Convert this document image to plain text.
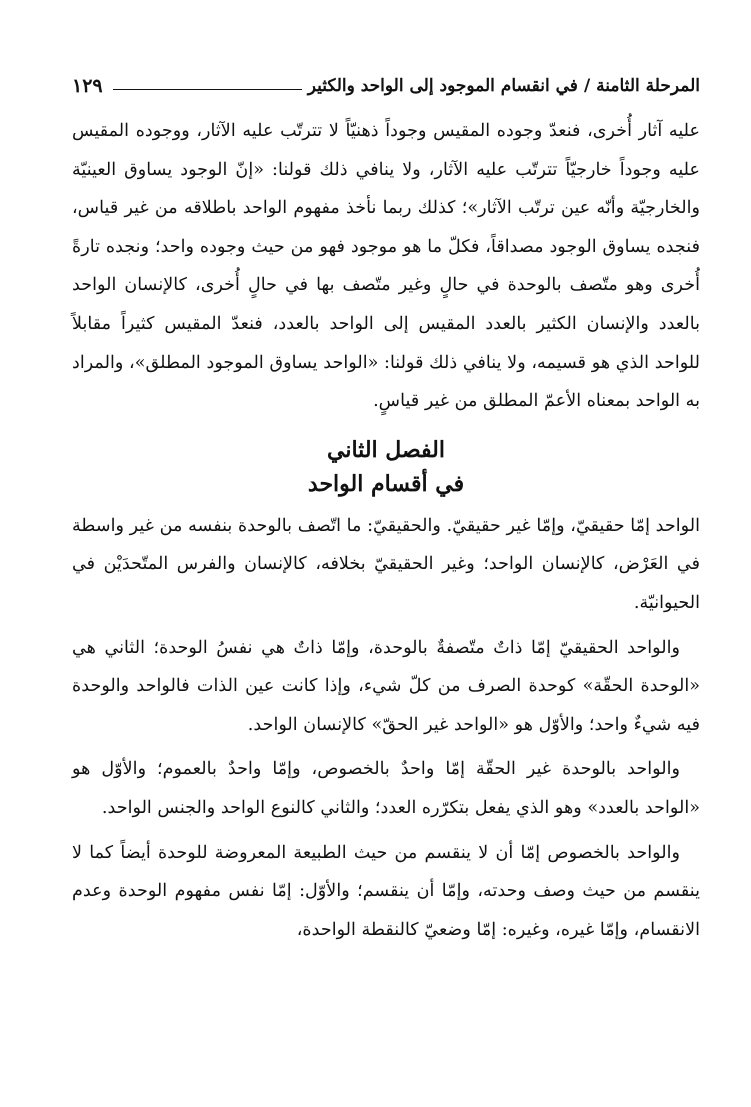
المرحلة الثامنة
/
في انقسام الموجود إلى الواحد والكثير
١٢٩

عليه آثار أُخرى، فنعدّ وجوده المقيس وجوداً ذهنيّاً لا تترتّب عليه الآثار، ووجوده المقيس عليه وجوداً خارجيّاً تترتّب عليه الآثار، ولا ينافي ذلك قولنا: «إنّ الوجود يساوق العينيّة والخارجيّة وأنّه عين ترتّب الآثار»؛ كذلك ربما نأخذ مفهوم الواحد باطلاقه من غير قياس، فنجده يساوق الوجود مصداقاً، فكلّ ما هو موجود فهو من حيث وجوده واحد؛ ونجده تارةً أُخرى وهو متّصف بالوحدة في حالٍ وغير متّصف بها في حالٍ أُخرى، كالإنسان الواحد بالعدد والإنسان الكثير بالعدد المقيس إلى الواحد بالعدد، فنعدّ المقيس كثيراً مقابلاً للواحد الذي هو قسيمه، ولا ينافي ذلك قولنا: «الواحد يساوق الموجود المطلق»، والمراد به الواحد بمعناه الأعمّ المطلق من غير قياسٍ.

الفصل الثاني
في أقسام الواحد

الواحد إمّا حقيقيّ، وإمّا غير حقيقيّ. والحقيقيّ: ما اتّصف بالوحدة بنفسه من غير واسطة في العَرْض، كالإنسان الواحد؛ وغير الحقيقيّ بخلافه، كالإنسان والفرس المتّحدَيْن في الحيوانيّة.

والواحد الحقيقيّ إمّا ذاتٌ متّصفةٌ بالوحدة، وإمّا ذاتٌ هي نفسُ الوحدة؛ الثاني هي «الوحدة الحقّة» كوحدة الصرف من كلّ شيء، وإذا كانت عين الذات فالواحد والوحدة فيه شيءٌ واحد؛ والأوّل هو «الواحد غير الحقّ» كالإنسان الواحد.

والواحد بالوحدة غير الحقّة إمّا واحدٌ بالخصوص، وإمّا واحدٌ بالعموم؛ والأوّل هو «الواحد بالعدد» وهو الذي يفعل بتكرّره العدد؛ والثاني كالنوع الواحد والجنس الواحد.

والواحد بالخصوص إمّا أن لا ينقسم من حيث الطبيعة المعروضة للوحدة أيضاً كما لا ينقسم من حيث وصف وحدته، وإمّا أن ينقسم؛ والأوّل: إمّا نفس مفهوم الوحدة وعدم الانقسام، وإمّا غيره، وغيره: إمّا وضعيّ كالنقطة الواحدة،
